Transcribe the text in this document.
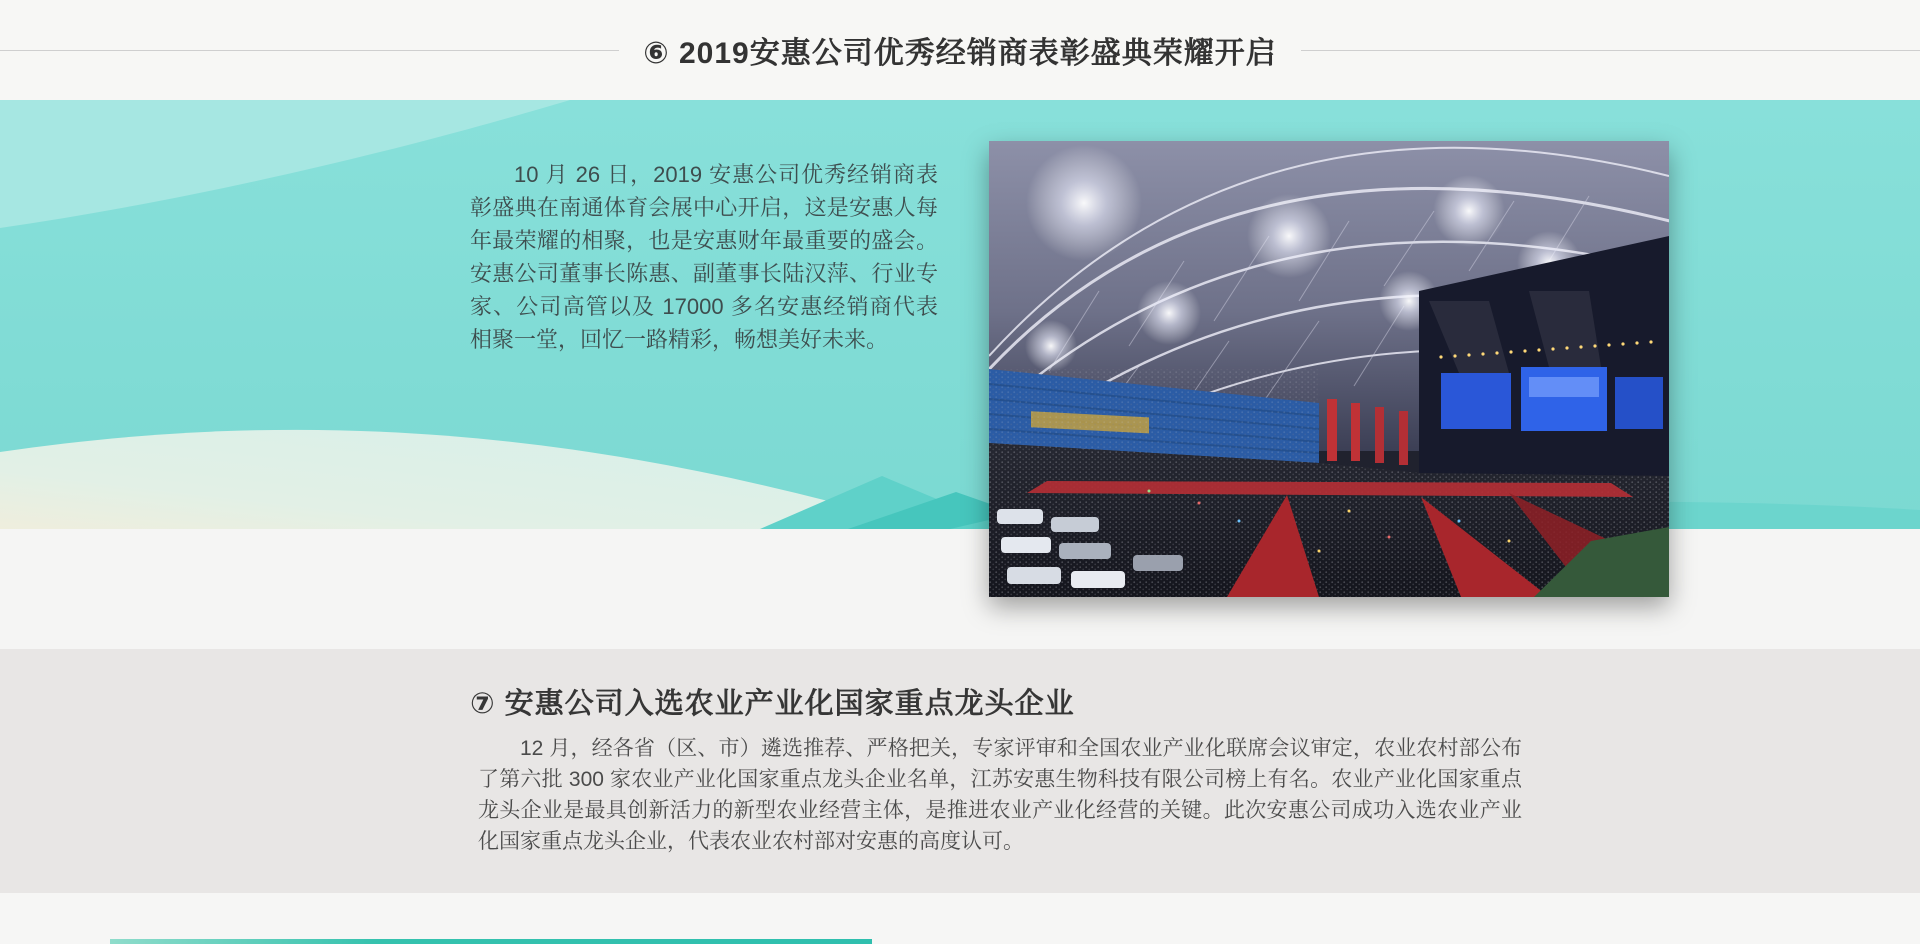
⑥ 2019安惠公司优秀经销商表彰盛典荣耀开启

10 月 26 日，2019 安惠公司优秀经销商表彰盛典在南通体育会展中心开启，这是安惠人每年最荣耀的相聚，也是安惠财年最重要的盛会。安惠公司董事长陈惠、副董事长陆汉萍、行业专家、公司高管以及 17000 多名安惠经销商代表相聚一堂，回忆一路精彩，畅想美好未来。

⑦ 安惠公司入选农业产业化国家重点龙头企业

12 月，经各省（区、市）遴选推荐、严格把关，专家评审和全国农业产业化联席会议审定，农业农村部公布了第六批 300 家农业产业化国家重点龙头企业名单，江苏安惠生物科技有限公司榜上有名。农业产业化国家重点龙头企业是最具创新活力的新型农业经营主体，是推进农业产业化经营的关键。此次安惠公司成功入选农业产业化国家重点龙头企业，代表农业农村部对安惠的高度认可。
